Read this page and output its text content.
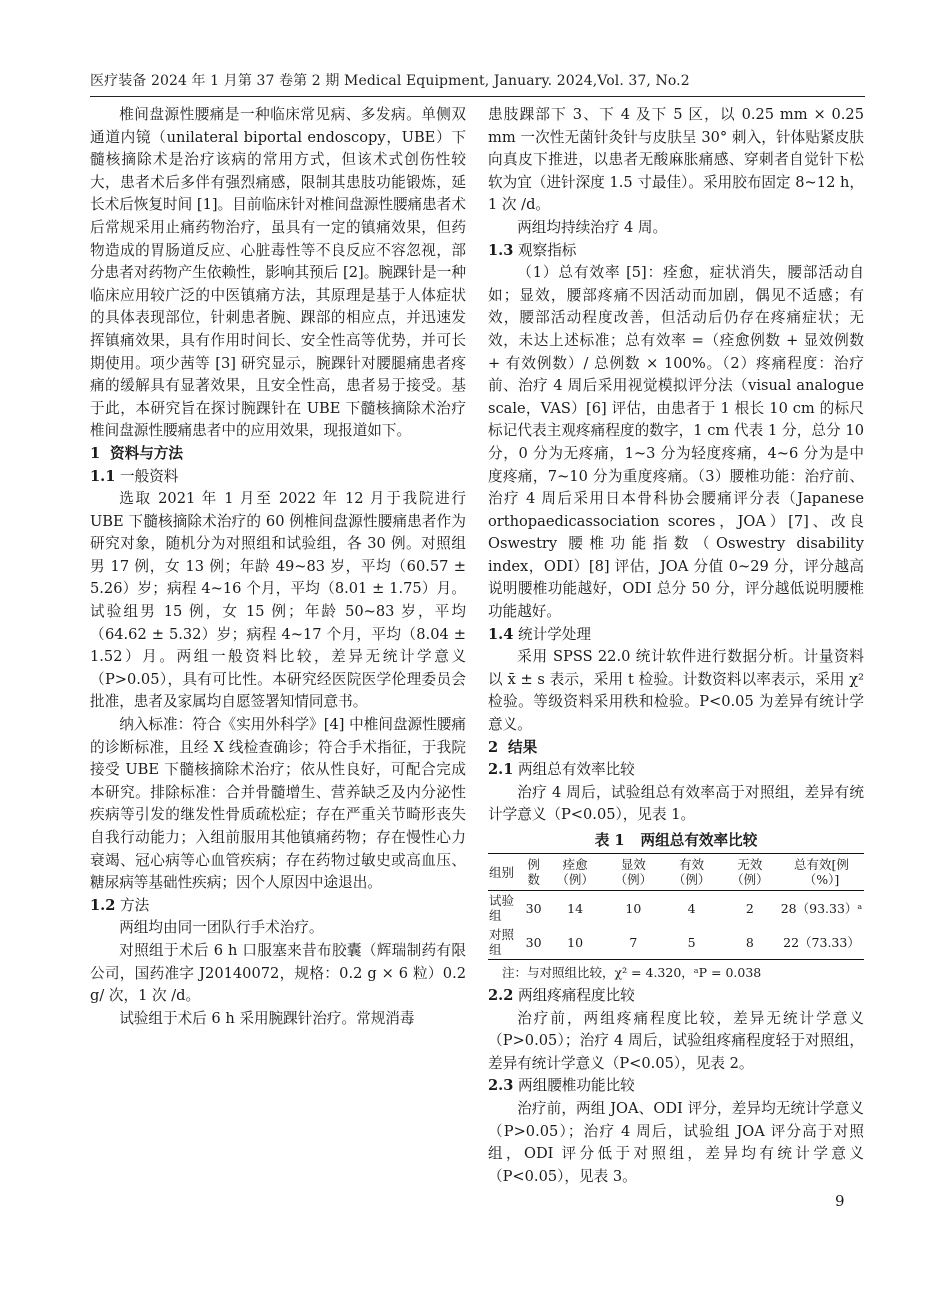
医疗装备 2024 年 1 月第 37 卷第 2 期 Medical Equipment, January. 2024,Vol. 37, No.2

椎间盘源性腰痛是一种临床常见病、多发病。单侧双通道内镜（unilateral biportal endoscopy，UBE）下髓核摘除术是治疗该病的常用方式，但该术式创伤性较大，患者术后多伴有强烈痛感，限制其患肢功能锻炼，延长术后恢复时间 [1]。目前临床针对椎间盘源性腰痛患者术后常规采用止痛药物治疗，虽具有一定的镇痛效果，但药物造成的胃肠道反应、心脏毒性等不良反应不容忽视，部分患者对药物产生依赖性，影响其预后 [2]。腕踝针是一种临床应用较广泛的中医镇痛方法，其原理是基于人体症状的具体表现部位，针刺患者腕、踝部的相应点，并迅速发挥镇痛效果，具有作用时间长、安全性高等优势，并可长期使用。项少茜等 [3] 研究显示，腕踝针对腰腿痛患者疼痛的缓解具有显著效果，且安全性高，患者易于接受。基于此，本研究旨在探讨腕踝针在 UBE 下髓核摘除术治疗椎间盘源性腰痛患者中的应用效果，现报道如下。

1 资料与方法
1.1 一般资料

选取 2021 年 1 月至 2022 年 12 月于我院进行 UBE 下髓核摘除术治疗的 60 例椎间盘源性腰痛患者作为研究对象，随机分为对照组和试验组，各 30 例。对照组男 17 例，女 13 例；年龄 49~83 岁，平均（60.57 ± 5.26）岁；病程 4~16 个月，平均（8.01 ± 1.75）月。试验组男 15 例，女 15 例；年龄 50~83 岁，平均（64.62 ± 5.32）岁；病程 4~17 个月，平均（8.04 ± 1.52）月。两组一般资料比较，差异无统计学意义（P>0.05），具有可比性。本研究经医院医学伦理委员会批准，患者及家属均自愿签署知情同意书。

纳入标准：符合《实用外科学》[4] 中椎间盘源性腰痛的诊断标准，且经 X 线检查确诊；符合手术指征，于我院接受 UBE 下髓核摘除术治疗；依从性良好，可配合完成本研究。排除标准：合并骨髓增生、营养缺乏及内分泌性疾病等引发的继发性骨质疏松症；存在严重关节畸形丧失自我行动能力；入组前服用其他镇痛药物；存在慢性心力衰竭、冠心病等心血管疾病；存在药物过敏史或高血压、糖尿病等基础性疾病；因个人原因中途退出。

1.2 方法

两组均由同一团队行手术治疗。

对照组于术后 6 h 口服塞来昔布胶囊（辉瑞制药有限公司，国药准字 J20140072，规格：0.2 g × 6 粒）0.2 g/ 次，1 次 /d。

试验组于术后 6 h 采用腕踝针治疗。常规消毒

患肢踝部下 3、下 4 及下 5 区，以 0.25 mm × 0.25 mm 一次性无菌针灸针与皮肤呈 30° 刺入，针体贴紧皮肤向真皮下推进，以患者无酸麻胀痛感、穿刺者自觉针下松软为宜（进针深度 1.5 寸最佳）。采用胶布固定 8~12 h，1 次 /d。

两组均持续治疗 4 周。

1.3 观察指标

（1）总有效率 [5]：痊愈，症状消失，腰部活动自如；显效，腰部疼痛不因活动而加剧，偶见不适感；有效，腰部活动程度改善，但活动后仍存在疼痛症状；无效，未达上述标准；总有效率 =（痊愈例数 + 显效例数 + 有效例数）/ 总例数 × 100%。（2）疼痛程度：治疗前、治疗 4 周后采用视觉模拟评分法（visual analogue scale，VAS）[6] 评估，由患者于 1 根长 10 cm 的标尺标记代表主观疼痛程度的数字，1 cm 代表 1 分，总分 10 分，0 分为无疼痛，1~3 分为轻度疼痛，4~6 分为是中度疼痛，7~10 分为重度疼痛。（3）腰椎功能：治疗前、治疗 4 周后采用日本骨科协会腰痛评分表（Japanese orthopaedicassociation scores，JOA）[7]、改良 Oswestry 腰椎功能指数（Oswestry disability index，ODI）[8] 评估，JOA 分值 0~29 分，评分越高说明腰椎功能越好，ODI 总分 50 分，评分越低说明腰椎功能越好。

1.4 统计学处理

采用 SPSS 22.0 统计软件进行数据分析。计量资料以 x̄ ± s 表示，采用 t 检验。计数资料以率表示，采用 χ² 检验。等级资料采用秩和检验。P<0.05 为差异有统计学意义。

2 结果
2.1 两组总有效率比较

治疗 4 周后，试验组总有效率高于对照组，差异有统计学意义（P<0.05），见表 1。

表 1 两组总有效率比较
组别	例数	痊愈（例）	显效（例）	有效（例）	无效（例）	总有效[例（%）]
试验组	30	14	10	4	2	28（93.33）ᵃ
对照组	30	10	7	5	8	22（73.33）
注：与对照组比较，χ² = 4.320，ᵃP = 0.038
2.2 两组疼痛程度比较

治疗前，两组疼痛程度比较，差异无统计学意义（P>0.05）；治疗 4 周后，试验组疼痛程度轻于对照组，差异有统计学意义（P<0.05），见表 2。

2.3 两组腰椎功能比较

治疗前，两组 JOA、ODI 评分，差异均无统计学意义（P>0.05）；治疗 4 周后，试验组 JOA 评分高于对照组，ODI 评分低于对照组，差异均有统计学意义（P<0.05），见表 3。

9
